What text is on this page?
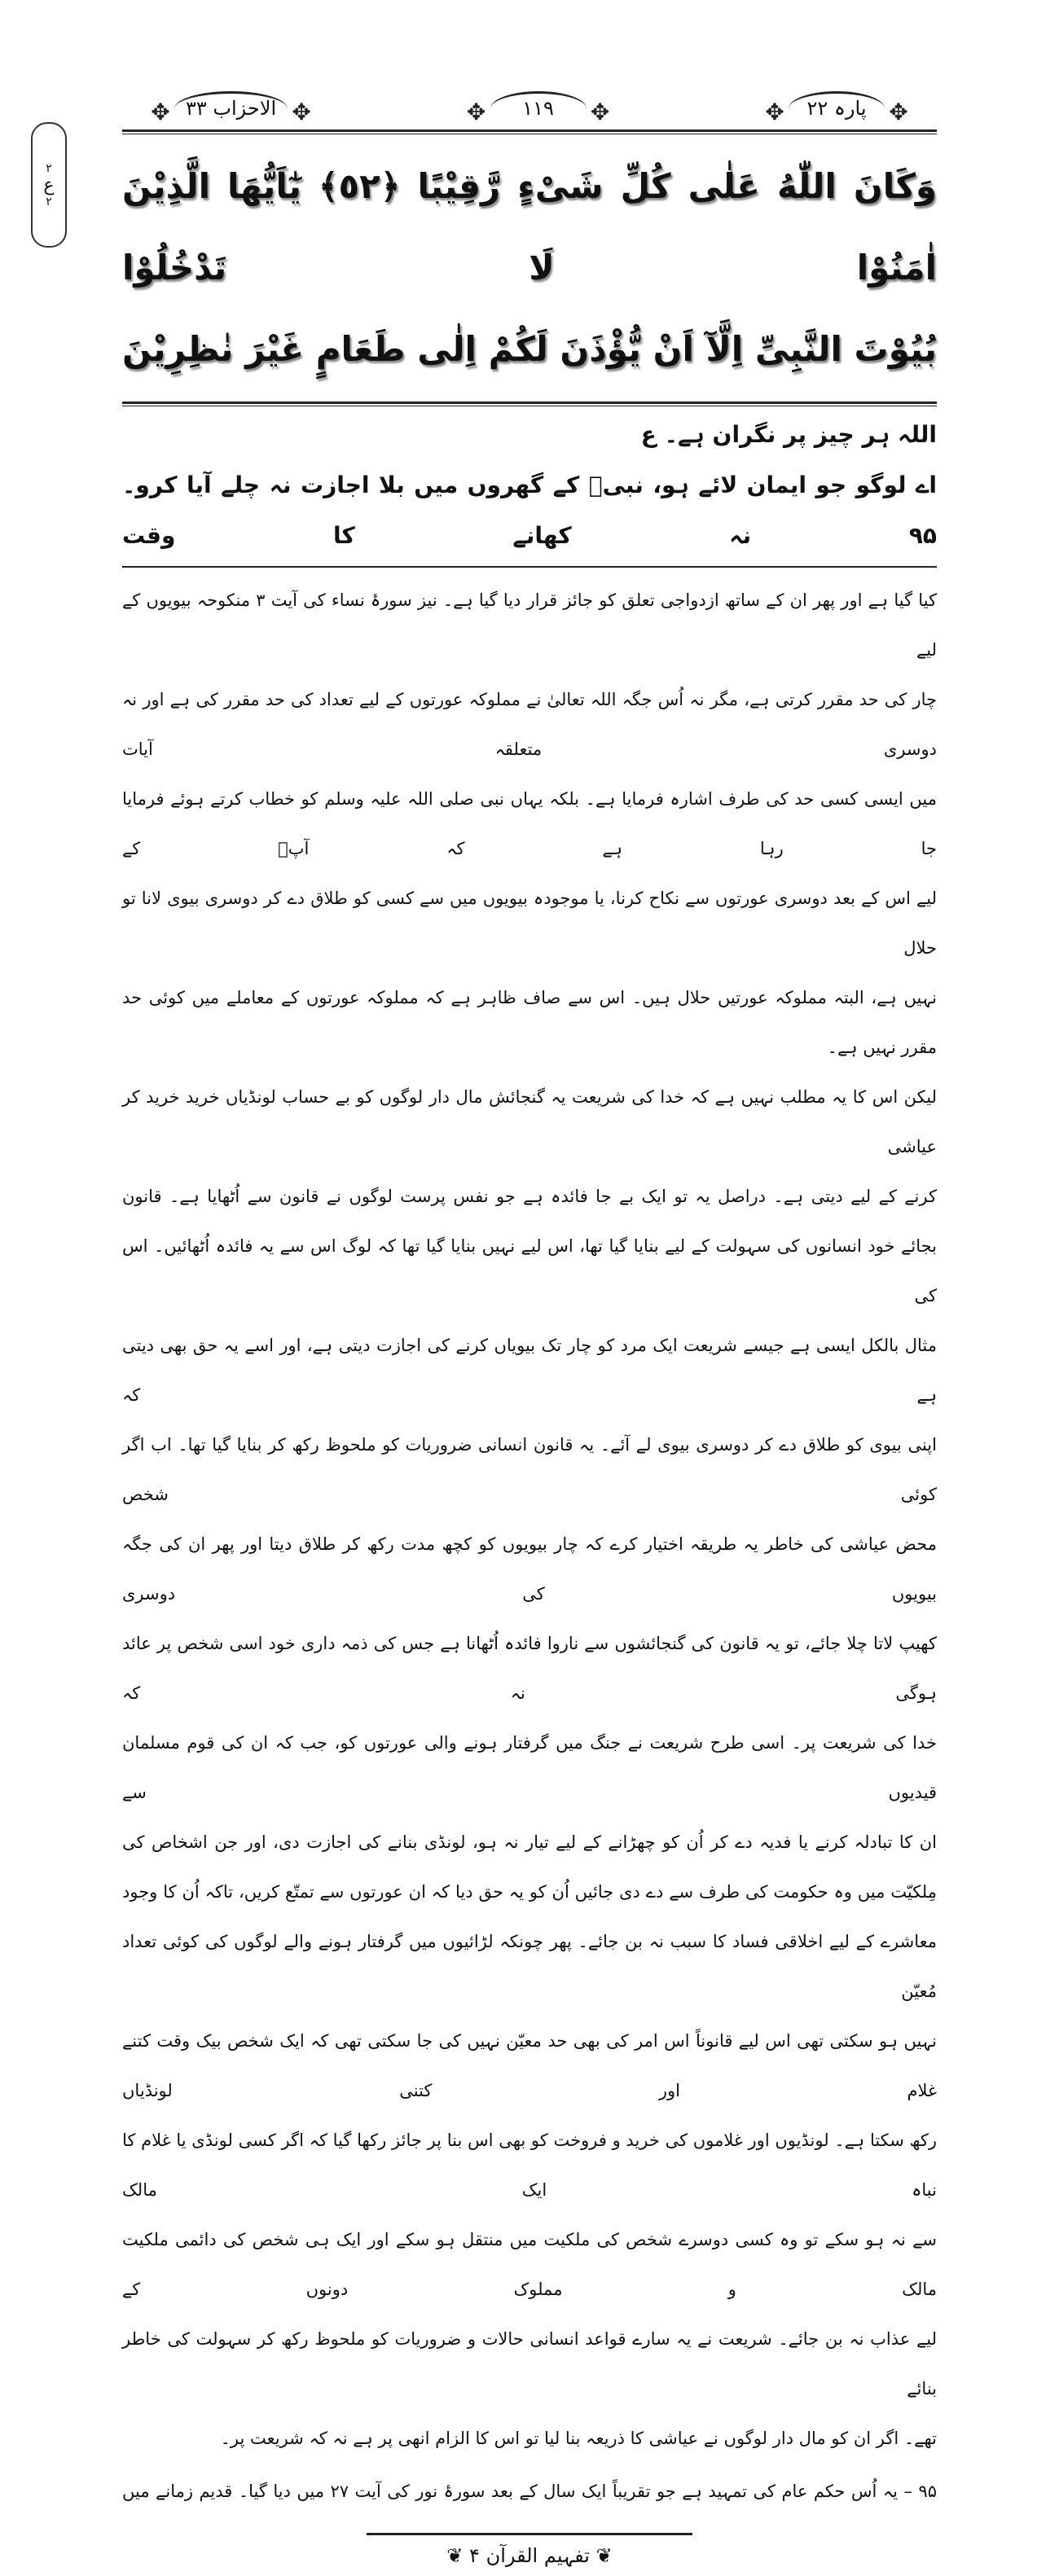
۲
ع
۲
✥ الاحزاب ۳۳ ✥	✥	۱۱۹	✥	✥	پارہ ۲۲ ✥
وَكَانَ اللّٰهُ عَلٰى كُلِّ شَىْءٍ رَّقِيْبًا ﴿٥٢﴾ يٰٓاَيُّهَا الَّذِيْنَ اٰمَنُوْا لَا تَدْخُلُوْا
بُيُوْتَ النَّبِىِّ اِلَّآ اَنْ يُّؤْذَنَ لَكُمْ اِلٰى طَعَامٍ غَيْرَ نٰظِرِيْنَ
اللہ ہر چیز پر نگران ہے۔ ع
اے لوگو جو ایمان لائے ہو، نبیؐ کے گھروں میں بلا اجازت نہ چلے آیا کرو۔ ۹۵ نہ کھانے کا وقت
کیا گیا ہے اور پھر ان کے ساتھ ازدواجی تعلق کو جائز قرار دیا گیا ہے۔ نیز سورۂ نساء کی آیت ۳ منکوحہ بیویوں کے لیے
چار کی حد مقرر کرتی ہے، مگر نہ اُس جگہ اللہ تعالیٰ نے مملوکہ عورتوں کے لیے تعداد کی حد مقرر کی ہے اور نہ دوسری متعلقہ آیات
میں ایسی کسی حد کی طرف اشارہ فرمایا ہے۔ بلکہ یہاں نبی صلی اللہ علیہ وسلم کو خطاب کرتے ہوئے فرمایا جا رہا ہے کہ آپؐ کے
لیے اس کے بعد دوسری عورتوں سے نکاح کرنا، یا موجودہ بیویوں میں سے کسی کو طلاق دے کر دوسری بیوی لانا تو حلال
نہیں ہے، البتہ مملوکہ عورتیں حلال ہیں۔ اس سے صاف ظاہر ہے کہ مملوکہ عورتوں کے معاملے میں کوئی حد مقرر نہیں ہے۔
لیکن اس کا یہ مطلب نہیں ہے کہ خدا کی شریعت یہ گنجائش مال دار لوگوں کو بے حساب لونڈیاں خرید خرید کر عیاشی
کرنے کے لیے دیتی ہے۔ دراصل یہ تو ایک بے جا فائدہ ہے جو نفس پرست لوگوں نے قانون سے اُٹھایا ہے۔ قانون
بجائے خود انسانوں کی سہولت کے لیے بنایا گیا تھا، اس لیے نہیں بنایا گیا تھا کہ لوگ اس سے یہ فائدہ اُٹھائیں۔ اس کی
مثال بالکل ایسی ہے جیسے شریعت ایک مرد کو چار تک بیویاں کرنے کی اجازت دیتی ہے، اور اسے یہ حق بھی دیتی ہے کہ
اپنی بیوی کو طلاق دے کر دوسری بیوی لے آئے۔ یہ قانون انسانی ضروریات کو ملحوظ رکھ کر بنایا گیا تھا۔ اب اگر کوئی شخص
محض عیاشی کی خاطر یہ طریقہ اختیار کرے کہ چار بیویوں کو کچھ مدت رکھ کر طلاق دیتا اور پھر ان کی جگہ بیویوں کی دوسری
کھیپ لاتا چلا جائے، تو یہ قانون کی گنجائشوں سے ناروا فائدہ اُٹھانا ہے جس کی ذمہ داری خود اسی شخص پر عائد ہوگی نہ کہ
خدا کی شریعت پر۔ اسی طرح شریعت نے جنگ میں گرفتار ہونے والی عورتوں کو، جب کہ ان کی قوم مسلمان قیدیوں سے
ان کا تبادلہ کرنے یا فدیہ دے کر اُن کو چھڑانے کے لیے تیار نہ ہو، لونڈی بنانے کی اجازت دی، اور جن اشخاص کی
مِلکیّت میں وہ حکومت کی طرف سے دے دی جائیں اُن کو یہ حق دیا کہ ان عورتوں سے تمتّع کریں، تاکہ اُن کا وجود
معاشرے کے لیے اخلاقی فساد کا سبب نہ بن جائے۔ پھر چونکہ لڑائیوں میں گرفتار ہونے والے لوگوں کی کوئی تعداد مُعیّن
نہیں ہو سکتی تھی اس لیے قانوناً اس امر کی بھی حد معیّن نہیں کی جا سکتی تھی کہ ایک شخص بیک وقت کتنے غلام اور کتنی لونڈیاں
رکھ سکتا ہے۔ لونڈیوں اور غلاموں کی خرید و فروخت کو بھی اس بنا پر جائز رکھا گیا کہ اگر کسی لونڈی یا غلام کا نباہ ایک مالک
سے نہ ہو سکے تو وہ کسی دوسرے شخص کی ملکیت میں منتقل ہو سکے اور ایک ہی شخص کی دائمی ملکیت مالک و مملوک دونوں کے
لیے عذاب نہ بن جائے۔ شریعت نے یہ سارے قواعد انسانی حالات و ضروریات کو ملحوظ رکھ کر سہولت کی خاطر بنائے
تھے۔ اگر ان کو مال دار لوگوں نے عیاشی کا ذریعہ بنا لیا تو اس کا الزام انھی پر ہے نہ کہ شریعت پر۔
۹۵ – یہ اُس حکم عام کی تمہید ہے جو تقریباً ایک سال کے بعد سورۂ نور کی آیت ۲۷ میں دیا گیا۔ قدیم زمانے میں
❦ تفہیم القرآن ۴ ❦
